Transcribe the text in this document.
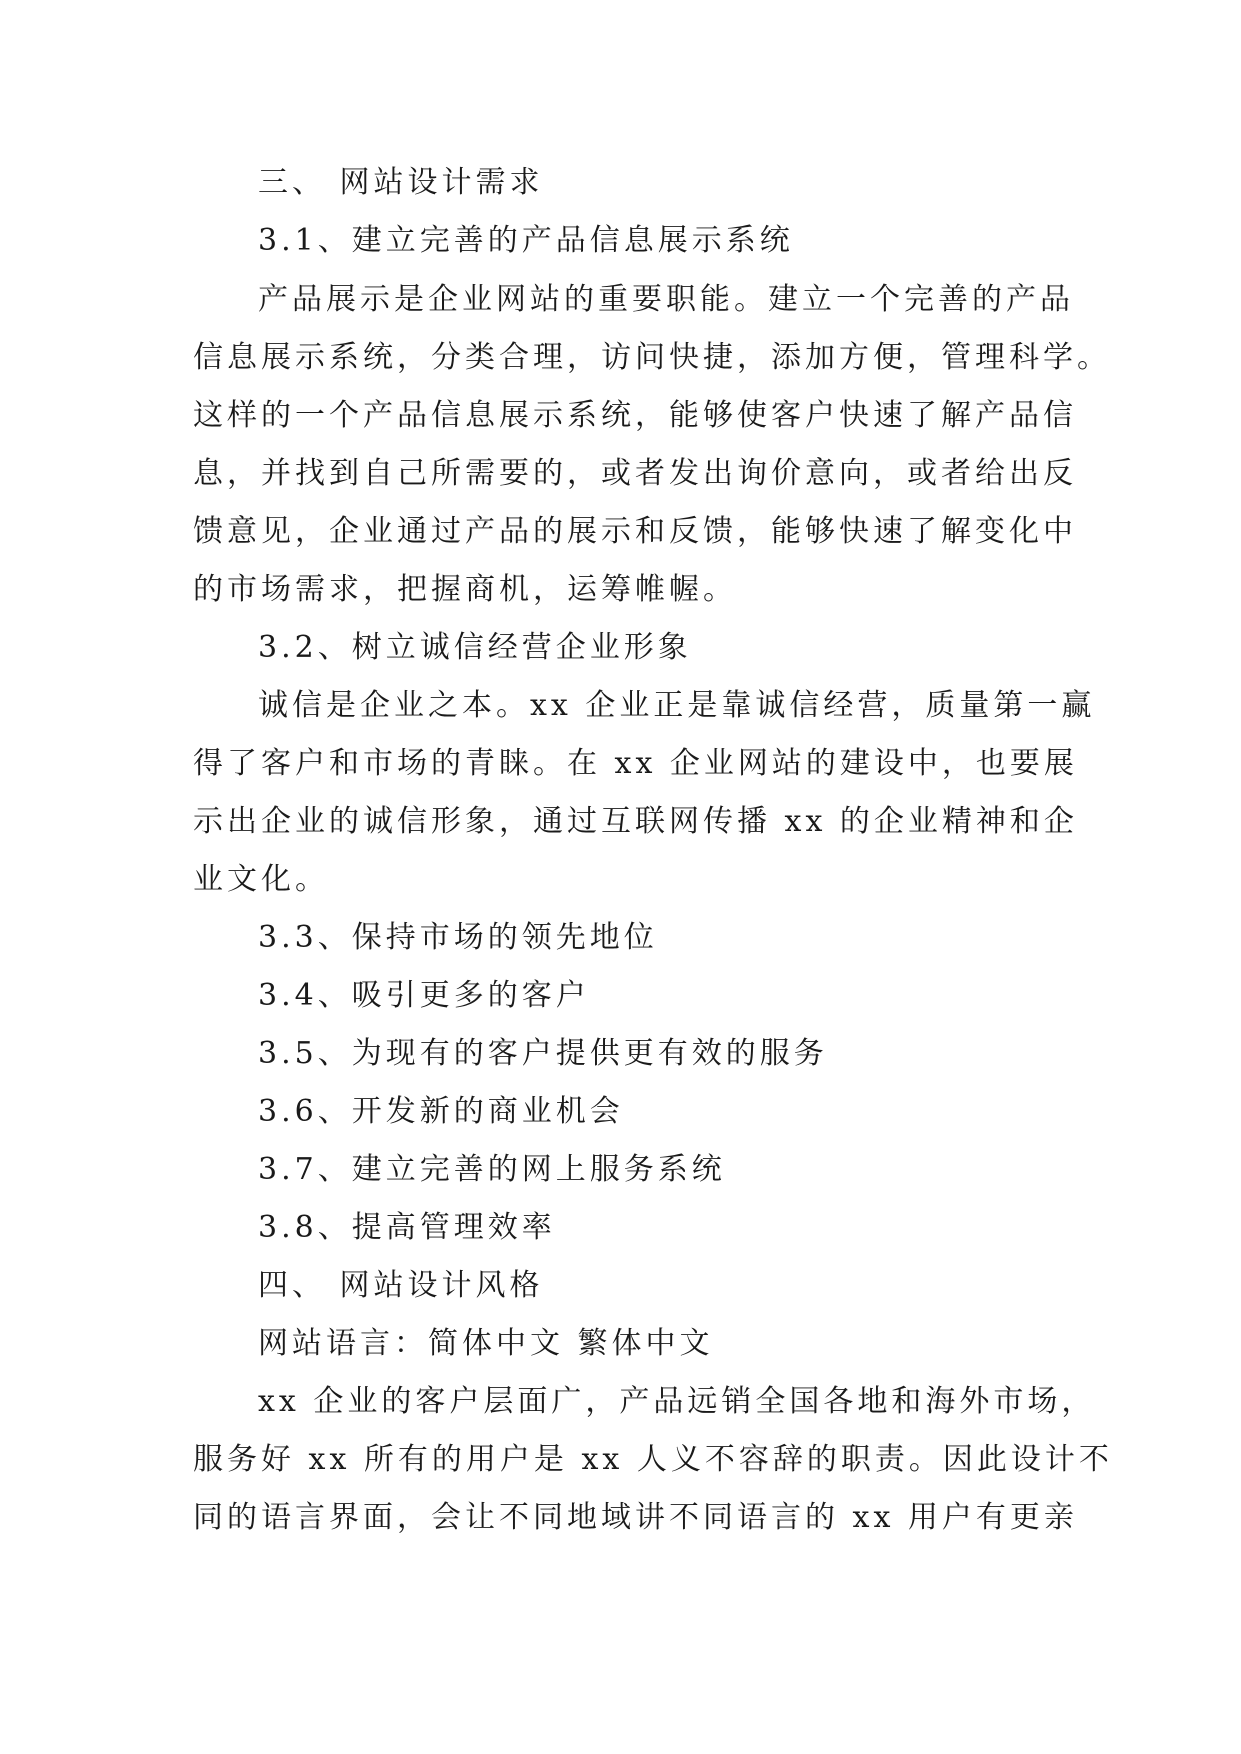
三、 网站设计需求
3.1、建立完善的产品信息展示系统
产品展示是企业网站的重要职能。建立一个完善的产品
信息展示系统，分类合理，访问快捷，添加方便，管理科学。
这样的一个产品信息展示系统，能够使客户快速了解产品信
息，并找到自己所需要的，或者发出询价意向，或者给出反
馈意见，企业通过产品的展示和反馈，能够快速了解变化中
的市场需求，把握商机，运筹帷幄。
3.2、树立诚信经营企业形象
诚信是企业之本。xx 企业正是靠诚信经营，质量第一赢
得了客户和市场的青睐。在 xx 企业网站的建设中，也要展
示出企业的诚信形象，通过互联网传播 xx 的企业精神和企
业文化。
3.3、保持市场的领先地位
3.4、吸引更多的客户
3.5、为现有的客户提供更有效的服务
3.6、开发新的商业机会
3.7、建立完善的网上服务系统
3.8、提高管理效率
四、 网站设计风格
网站语言：简体中文 繁体中文
xx 企业的客户层面广，产品远销全国各地和海外市场，
服务好 xx 所有的用户是 xx 人义不容辞的职责。因此设计不
同的语言界面，会让不同地域讲不同语言的 xx 用户有更亲
